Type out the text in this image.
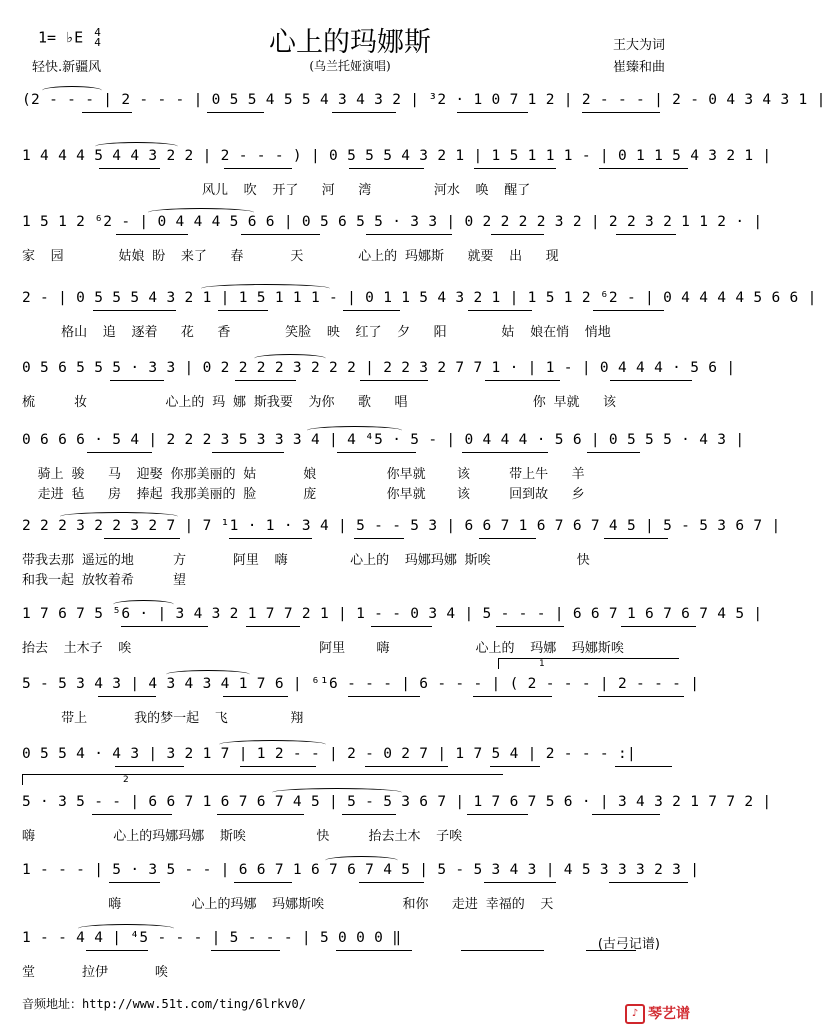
1= ♭E 4
4
轻快.新疆风
心上的玛娜斯
(乌兰托娅演唱)
王大为词
崔臻和曲
(2 - - - | 2 - - - | 0 5 5 4 5 5 4 3 4 3 2 | ³2 · 1 0 7 1 2 | 2 - - - | 2 - 0 4 3 4 3 1 |
1 4 4 4 5 4 4 3 2 2 | 2 - - - ) | 0 5 5 5 4 3 2 1 | 1 5 1 1 1 - | 0 1 1 5 4 3 2 1 |
风儿  吹  开了   河   湾        河水  唤  醒了
1 5 1 2 ⁶2 - | 0 4 4 4 5 6 6 | 0 5 6 5 5 · 3 3 | 0 2 2 2 2 3 2 | 2 2 3 2 1 1 2 · |
家  园       姑娘 盼  来了   春      天       心上的 玛娜斯   就要  出   现
2 - | 0 5 5 5 4 3 2 1 | 1 5 1 1 1 - | 0 1 1 5 4 3 2 1 | 1 5 1 2 ⁶2 - | 0 4 4 4 4 5 6 6 |
格山  追  逐着   花   香       笑脸  映  红了  夕   阳       姑  娘在悄  悄地
0 5 6 5 5 5 · 3 3 | 0 2 2 2 2 3 2 2 2 | 2 2 3 2 7 7 1 · | 1 - | 0 4 4 4 · 5 6 |
梳     妆          心上的 玛 娜 斯我要  为你   歌   唱                你 早就   该
0 6 6 6 · 5 4 | 2 2 2 3 5 3 3 3 4 | 4 ⁴5 · 5 - | 0 4 4 4 · 5 6 | 0 5 5 5 · 4 3 |
骑上 骏   马  迎娶 你那美丽的 姑      娘         你早就    该     带上牛   羊
走进 毡   房  捧起 我那美丽的 脸      庞         你早就    该     回到故   乡
2 2 2 3 2 2 3 2 7 | 7 ¹1 · 1 · 3 4 | 5 - - 5 3 | 6 6 7 1 6 7 6 7 4 5 | 5 - 5 3 6 7 |
带我去那 遥远的地     方      阿里  嗨        心上的  玛娜玛娜 斯唉           快
和我一起 放牧着希     望
1 7 6 7 5 ⁵6 · | 3 4 3 2 1 7 7 2 1 | 1 - - 0 3 4 | 5 - - - | 6 6 7 1 6 7 6 7 4 5 |
抬去  土木子  唉                        阿里    嗨           心上的  玛娜  玛娜斯唉
5 - 5 3 4 3 | 4 3 4 3 4 1 7 6 | ⁶¹6 - - - | 6 - - - | ( 2 - - - | 2 - - - |
带上      我的梦一起  飞        翔
0 5 5 4 · 4 3 | 3 2 1 7 | 1 2 - - | 2 - 0 2 7 | 1 7 5 4 | 2 - - - :|
5 · 3 5 - - | 6 6 7 1 6 7 6 7 4 5 | 5 - 5 3 6 7 | 1 7 6 7 5 6 · | 3 4 3 2 1 7 7 2 |
嗨          心上的玛娜玛娜  斯唉         快     抬去土木  子唉
1 - - - | 5 · 3 5 - - | 6 6 7 1 6 7 6 7 4 5 | 5 - 5 3 4 3 | 4 5 3 3 3 2 3 |
嗨         心上的玛娜  玛娜斯唉          和你   走进 幸福的  天
1 - - 4 4 | ⁴5 - - - | 5 - - - | 5 0 0 0 ‖
堂      拉伊      唉
1
2
(古弓记谱)
音频地址：http://www.51t.com/ting/6lrkv0/
♪ 琴艺谱
